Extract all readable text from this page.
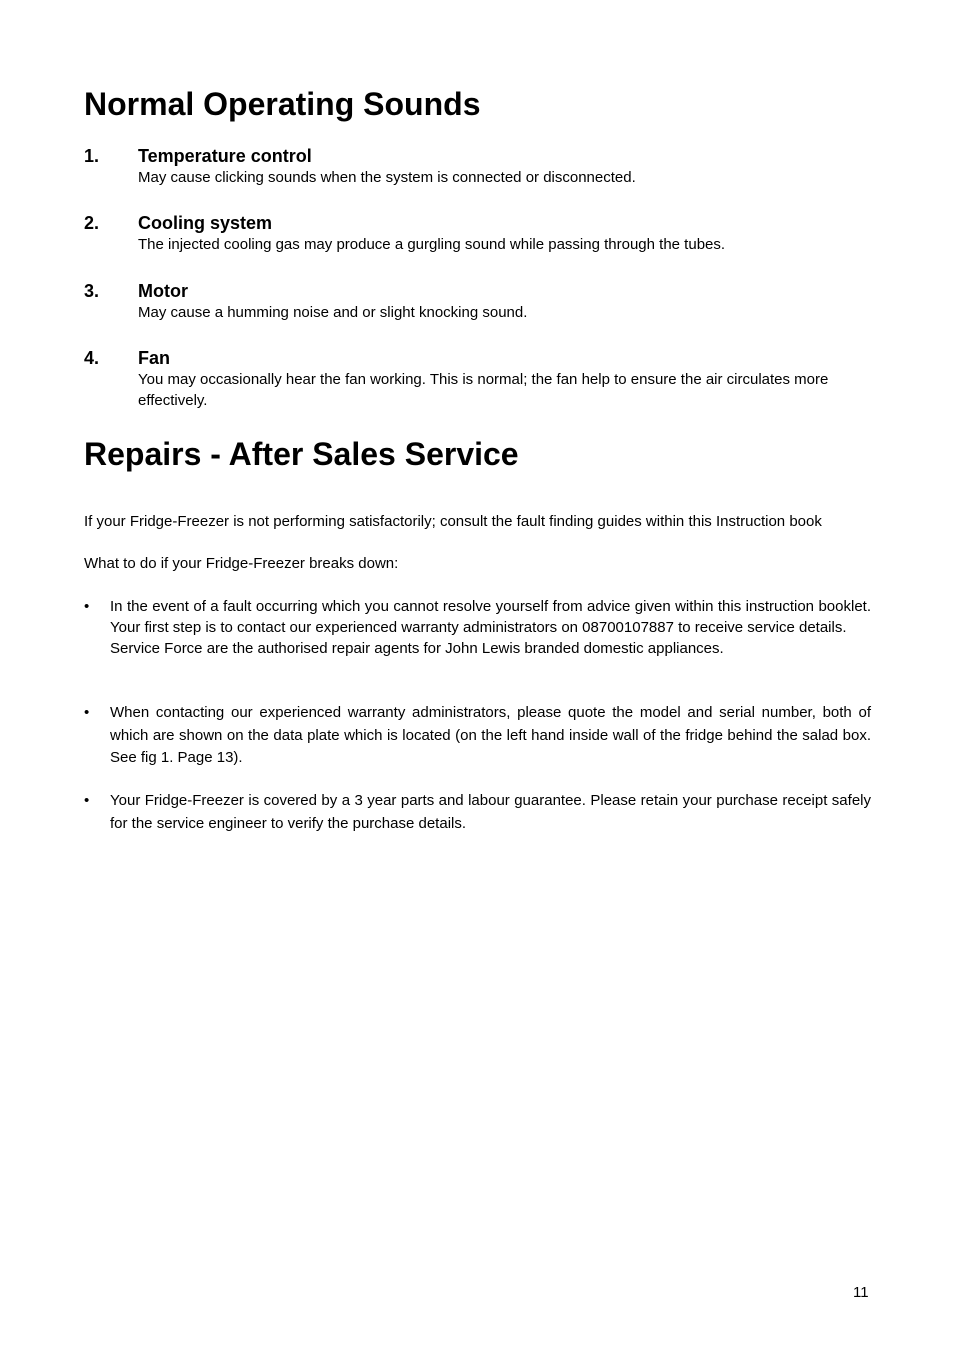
Normal Operating Sounds
1. Temperature control
May cause clicking sounds when the system is connected or disconnected.
2. Cooling system
The injected cooling gas may produce a gurgling sound while passing through the tubes.
3. Motor
May cause a humming noise and or slight knocking sound.
4. Fan
You may occasionally hear the fan working. This is normal; the fan help to ensure the air circulates more effectively.
Repairs - After Sales Service
If your Fridge-Freezer is not performing satisfactorily; consult the fault finding guides within this Instruction book
What to do if your Fridge-Freezer breaks down:
• In the event of a fault occurring which you cannot resolve yourself from advice given within this instruction booklet. Your first step is to contact our experienced warranty administrators on 08700107887 to receive service details.
Service Force are the authorised repair agents for John Lewis branded domestic appliances.
• When contacting our experienced warranty administrators, please quote the model and serial number, both of which are shown on the data plate which is located (on the left hand inside wall of the fridge behind the salad box. See fig 1. Page 13).
• Your Fridge-Freezer is covered by a 3 year parts and labour guarantee. Please retain your purchase receipt safely for the service engineer to verify the purchase details.
11
